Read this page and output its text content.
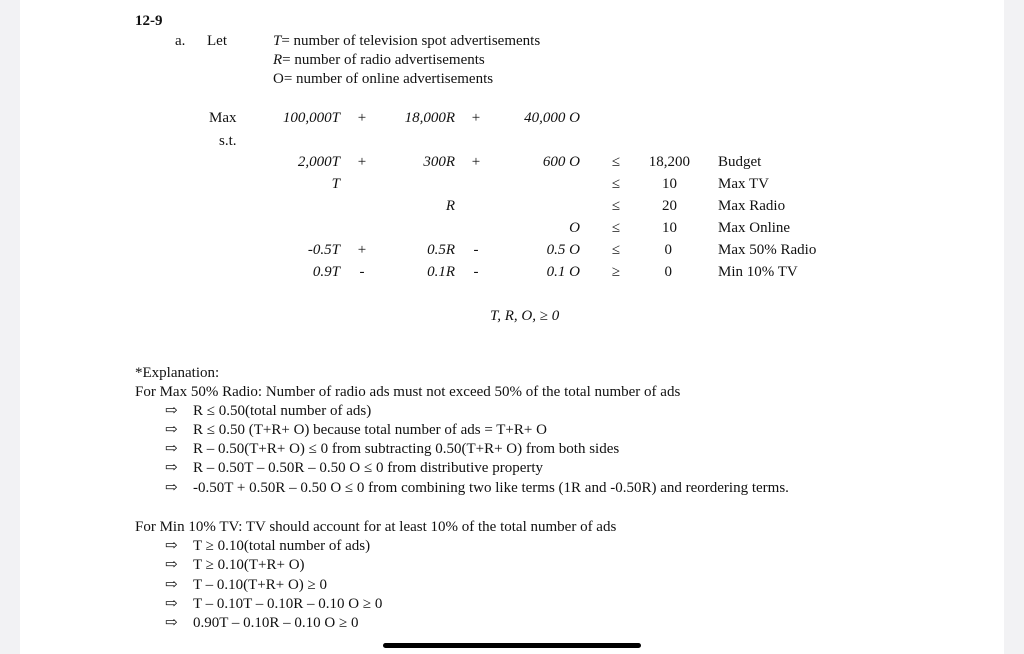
12-9
a. Let	T= number of television spot advertisements
R= number of radio advertisements
O= number of online advertisements
Max	100,000T	+	18,000R	+	40,000 O
s.t.
2,000T	+	300R	+	600 O	≤	18,200 Budget
T	≤	10	Max TV
R	≤	20	Max Radio
O	≤	10	Max Online
-0.5T	+	0.5R	-	0.5 O	≤	0	Max 50% Radio
0.9T	-	0.1R	-	0.1 O	≥	0	Min 10% TV
T, R, O, ≥ 0
*Explanation:
For Max 50% Radio: Number of radio ads must not exceed 50% of the total number of ads
⇨ R ≤ 0.50(total number of ads)
⇨ R ≤ 0.50 (T+R+ O) because total number of ads = T+R+ O
⇨ R – 0.50(T+R+ O) ≤ 0 from subtracting 0.50(T+R+ O) from both sides
⇨ R – 0.50T – 0.50R – 0.50 O ≤ 0 from distributive property
⇨ -0.50T + 0.50R – 0.50 O ≤ 0 from combining two like terms (1R and -0.50R) and reordering terms.
For Min 10% TV: TV should account for at least 10% of the total number of ads
⇨ T ≥ 0.10(total number of ads)
⇨ T ≥ 0.10(T+R+ O)
⇨ T – 0.10(T+R+ O) ≥ 0
⇨ T – 0.10T – 0.10R – 0.10 O ≥ 0
⇨ 0.90T – 0.10R – 0.10 O ≥ 0
